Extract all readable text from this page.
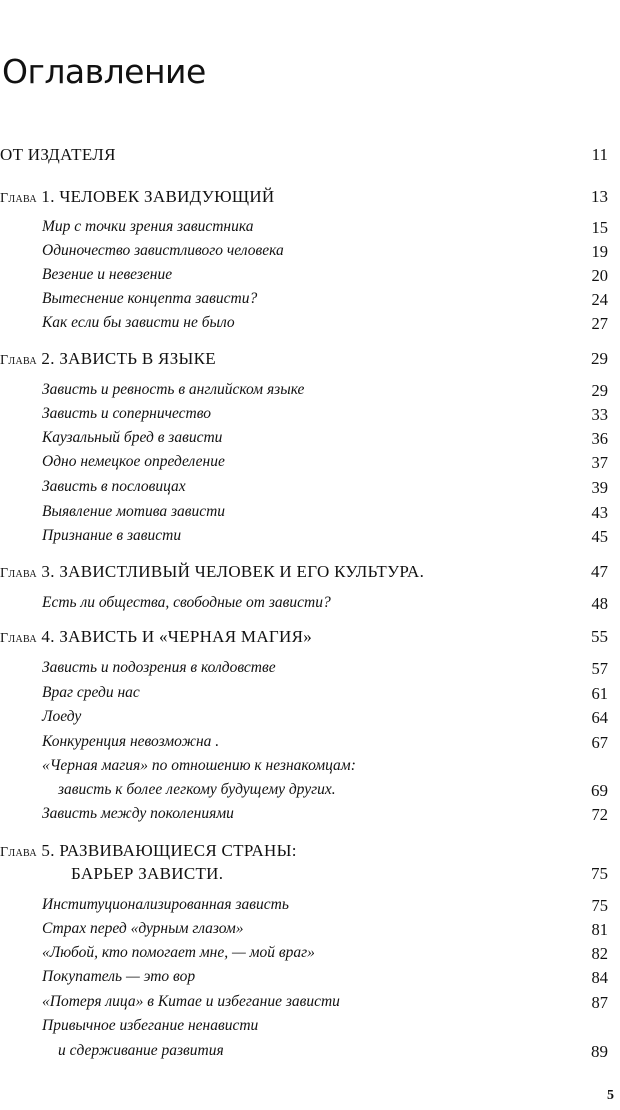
Оглавление
ОТ ИЗДАТЕЛЯ	11
Глава 1. ЧЕЛОВЕК ЗАВИДУЮЩИЙ	13
Мир с точки зрения завистника	15
Одиночество завистливого человека	19
Везение и невезение	20
Вытеснение концепта зависти?	24
Как если бы зависти не было	27
Глава 2. ЗАВИСТЬ В ЯЗЫКЕ	29
Зависть и ревность в английском языке	29
Зависть и соперничество	33
Каузальный бред в зависти	36
Одно немецкое определение	37
Зависть в пословицах	39
Выявление мотива зависти	43
Признание в зависти	45
Глава 3. ЗАВИСТЛИВЫЙ ЧЕЛОВЕК И ЕГО КУЛЬТУРА.	47
Есть ли общества, свободные от зависти?	48
Глава 4. ЗАВИСТЬ И «ЧЕРНАЯ МАГИЯ»	55
Зависть и подозрения в колдовстве	57
Враг среди нас	61
Лоеду	64
Конкуренция невозможна .	67
«Черная магия» по отношению к незнакомцам:
зависть к более легкому будущему других.	69
Зависть между поколениями	72
Глава 5. РАЗВИВАЮЩИЕСЯ СТРАНЫ:
БАРЬЕР ЗАВИСТИ.	75
Институционализированная зависть	75
Страх перед «дурным глазом»	81
«Любой, кто помогает мне, — мой враг»	82
Покупатель — это вор	84
«Потеря лица» в Китае и избегание зависти	87
Привычное избегание ненависти
и сдерживание развития	89
5
